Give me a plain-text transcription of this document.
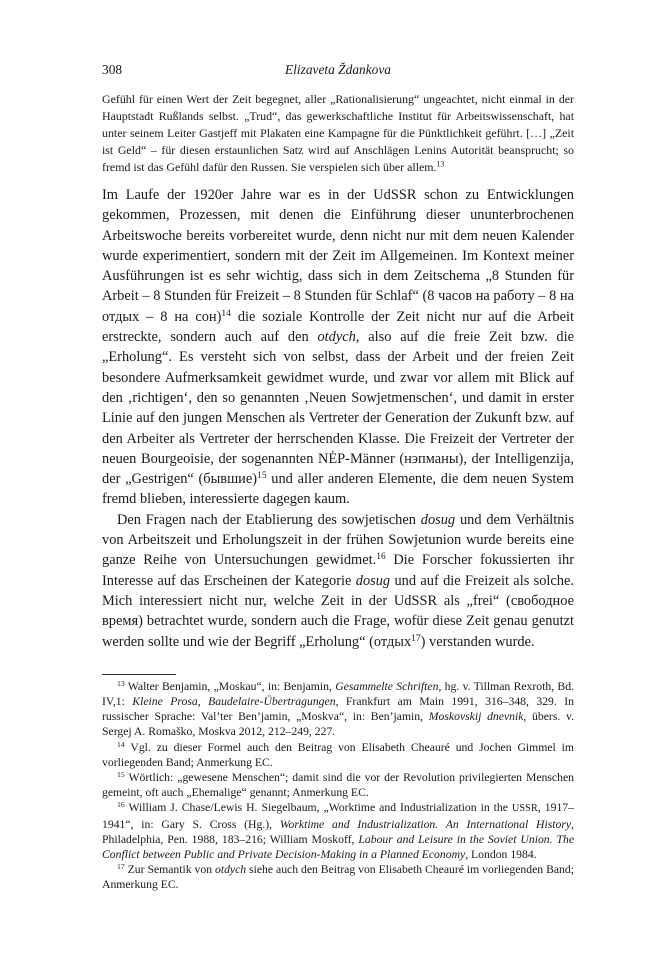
308	Elizaveta Ždankova
Gefühl für einen Wert der Zeit begegnet, aller „Rationalisierung“ ungeachtet, nicht einmal in der Hauptstadt Rußlands selbst. „Trud“, das gewerkschaftliche Institut für Arbeitswissenschaft, hat unter seinem Leiter Gastjeff mit Plakaten eine Kampagne für die Pünktlichkeit geführt. […] „Zeit ist Geld“ – für diesen erstaunlichen Satz wird auf Anschlägen Lenins Autorität beansprucht; so fremd ist das Gefühl dafür den Russen. Sie verspielen sich über allem.$^{13}$

Im Laufe der 1920er Jahre war es in der UdSSR schon zu Entwicklungen gekommen, Prozessen, mit denen die Einführung dieser ununterbrochenen Arbeitswoche bereits vorbereitet wurde, denn nicht nur mit dem neuen Kalender wurde experimentiert, sondern mit der Zeit im Allgemeinen. Im Kontext meiner Ausführungen ist es sehr wichtig, dass sich in dem Zeitschema „8 Stunden für Arbeit – 8 Stunden für Freizeit – 8 Stunden für Schlaf“ (8 часов на работу – 8 на отдых – 8 на сон)$^{14}$ die soziale Kontrolle der Zeit nicht nur auf die Arbeit erstreckte, sondern auch auf den otdych, also auf die freie Zeit bzw. die „Erholung“. Es versteht sich von selbst, dass der Arbeit und der freien Zeit besondere Aufmerksamkeit gewidmet wurde, und zwar vor allem mit Blick auf den ‚richtigen‘, den so genannten ‚Neuen Sowjetmenschen‘, und damit in erster Linie auf den jungen Menschen als Vertreter der Generation der Zukunft bzw. auf den Arbeiter als Vertreter der herrschenden Klasse. Die Freizeit der Vertreter der neuen Bourgeoisie, der sogenannten NĖP-Männer (нэпманы), der Intelligenzija, der „Gestrigen“ (бывшие)$^{15}$ und aller anderen Elemente, die dem neuen System fremd blieben, interessierte dagegen kaum.

Den Fragen nach der Etablierung des sowjetischen dosug und dem Verhältnis von Arbeitszeit und Erholungszeit in der frühen Sowjetunion wurde bereits eine ganze Reihe von Untersuchungen gewidmet.$^{16}$ Die Forscher fokussierten ihr Interesse auf das Erscheinen der Kategorie dosug und auf die Freizeit als solche. Mich interessiert nicht nur, welche Zeit in der UdSSR als „frei“ (свободное время) betrachtet wurde, sondern auch die Frage, wofür diese Zeit genau genutzt werden sollte und wie der Begriff „Erholung“ (отдых$^{17}$) verstanden wurde.

$^{13}$ Walter Benjamin, „Moskau“, in: Benjamin, Gesammelte Schriften, hg. v. Tillman Rexroth, Bd. IV,1: Kleine Prosa, Baudelaire-Übertragungen, Frankfurt am Main 1991, 316–348, 329. In russischer Sprache: Val’ter Ben’jamin, „Moskva“, in: Ben’jamin, Moskovskij dnevnik, übers. v. Sergej A. Romaško, Moskva 2012, 212–249, 227.
$^{14}$ Vgl. zu dieser Formel auch den Beitrag von Elisabeth Cheauré und Jochen Gimmel im vorliegenden Band; Anmerkung EC.
$^{15}$ Wörtlich: „gewesene Menschen“; damit sind die vor der Revolution privilegierten Menschen gemeint, oft auch „Ehemalige“ genannt; Anmerkung EC.
$^{16}$ William J. Chase/Lewis H. Siegelbaum, „Worktime and Industrialization in the USSR, 1917–1941“, in: Gary S. Cross (Hg.), Worktime and Industrialization. An International History, Philadelphia, Pen. 1988, 183–216; William Moskoff, Labour and Leisure in the Soviet Union. The Conflict between Public and Private Decision-Making in a Planned Economy, London 1984.
$^{17}$ Zur Semantik von otdych siehe auch den Beitrag von Elisabeth Cheauré im vorliegenden Band; Anmerkung EC.
